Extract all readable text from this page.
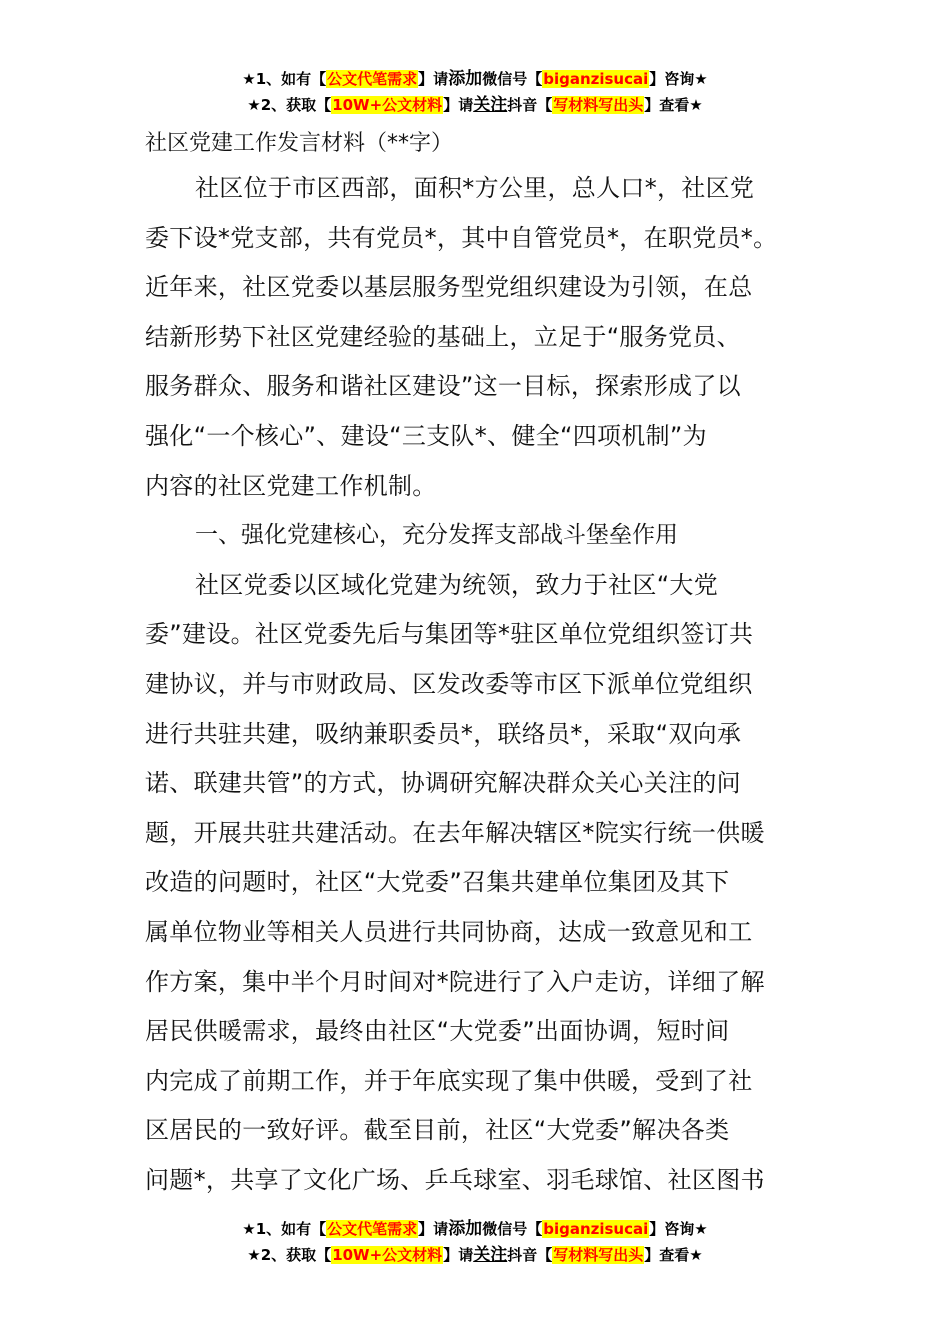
★1、如有【公文代笔需求】请添加微信号【biganzisucai】咨询★
★2、获取【10W+公文材料】请关注抖音【写材料写出头】查看★

社区党建工作发言材料（**字）

社区位于市区西部，面积*方公里，总人口*，社区党
委下设*党支部，共有党员*，其中自管党员*，在职党员*。
近年来，社区党委以基层服务型党组织建设为引领，在总
结新形势下社区党建经验的基础上，立足于“服务党员、
服务群众、服务和谐社区建设”这一目标，探索形成了以
强化“一个核心”、建设“三支队*、健全“四项机制”为
内容的社区党建工作机制。

一、强化党建核心，充分发挥支部战斗堡垒作用

社区党委以区域化党建为统领，致力于社区“大党
委”建设。社区党委先后与集团等*驻区单位党组织签订共
建协议，并与市财政局、区发改委等市区下派单位党组织
进行共驻共建，吸纳兼职委员*，联络员*，采取“双向承
诺、联建共管”的方式，协调研究解决群众关心关注的问
题，开展共驻共建活动。在去年解决辖区*院实行统一供暖
改造的问题时，社区“大党委”召集共建单位集团及其下
属单位物业等相关人员进行共同协商，达成一致意见和工
作方案，集中半个月时间对*院进行了入户走访，详细了解
居民供暖需求，最终由社区“大党委”出面协调，短时间
内完成了前期工作，并于年底实现了集中供暖，受到了社
区居民的一致好评。截至目前，社区“大党委”解决各类
问题*，共享了文化广场、乒乓球室、羽毛球馆、社区图书
★1、如有【公文代笔需求】请添加微信号【biganzisucai】咨询★
★2、获取【10W+公文材料】请关注抖音【写材料写出头】查看★
